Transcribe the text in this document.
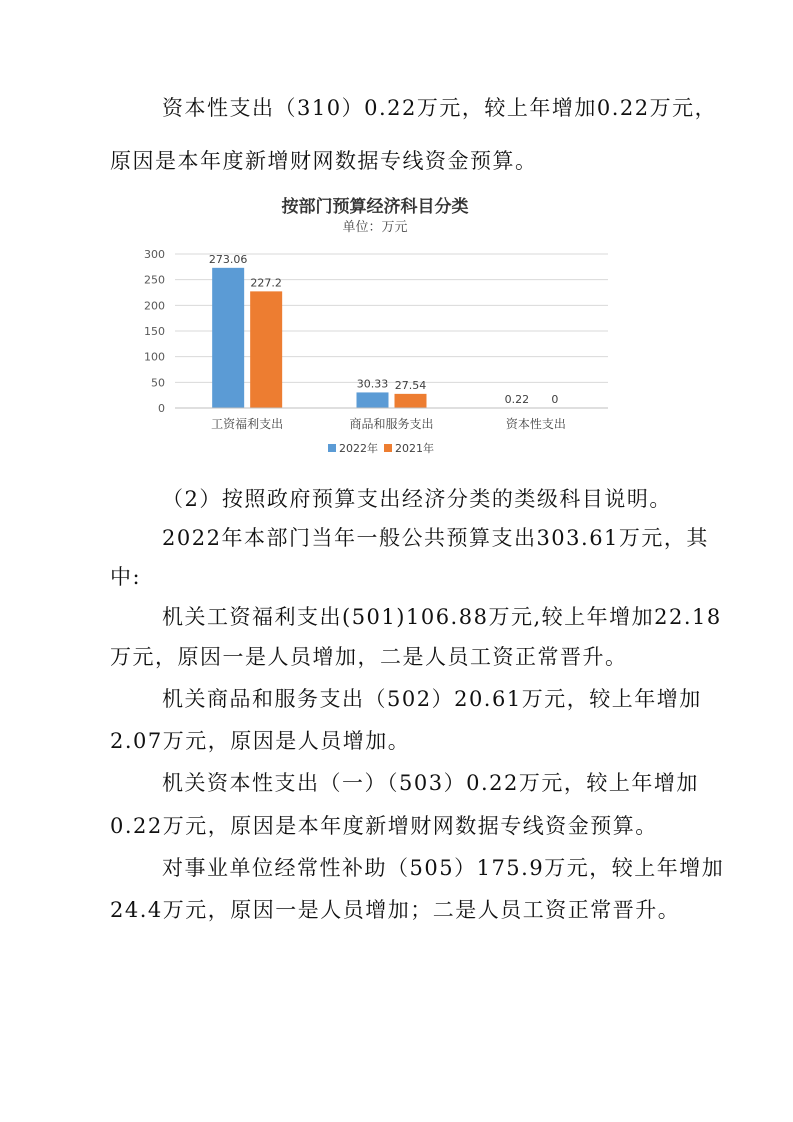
资本性支出（310）0.22万元，较上年增加0.22万元，

原因是本年度新增财网数据专线资金预算。

按部门预算经济科目分类
单位：万元
0
50
100
150
200
250
300	273.06
227.2
30.33 27.54
0.22 0
工资福利支出	商品和服务支出	资本性支出
2022年 2021年

（2）按照政府预算支出经济分类的类级科目说明。

2022年本部门当年一般公共预算支出303.61万元，其

中:

机关工资福利支出(501)106.88万元,较上年增加22.18

万元，原因一是人员增加，二是人员工资正常晋升。

机关商品和服务支出（502）20.61万元，较上年增加

2.07万元，原因是人员增加。

机关资本性支出（一）（503）0.22万元，较上年增加

0.22万元，原因是本年度新增财网数据专线资金预算。

对事业单位经常性补助（505）175.9万元，较上年增加

24.4万元，原因一是人员增加；二是人员工资正常晋升。
